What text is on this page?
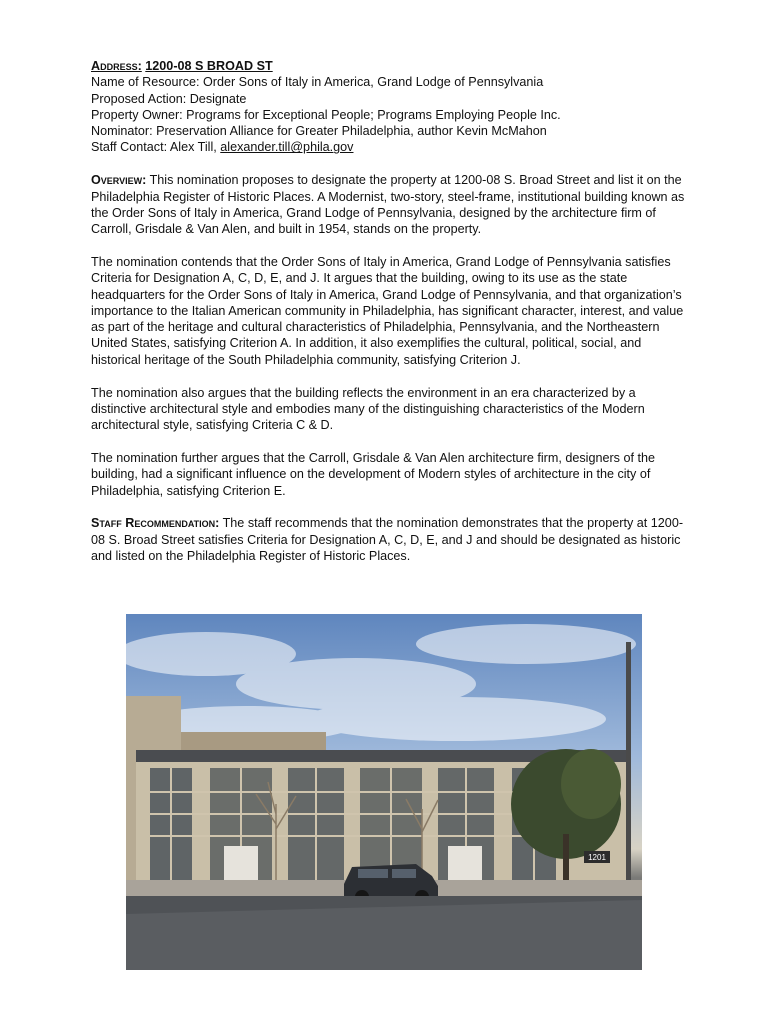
Address: 1200-08 S BROAD ST

Name of Resource: Order Sons of Italy in America, Grand Lodge of Pennsylvania

Proposed Action: Designate

Property Owner: Programs for Exceptional People; Programs Employing People Inc.

Nominator: Preservation Alliance for Greater Philadelphia, author Kevin McMahon

Staff Contact: Alex Till, alexander.till@phila.gov

Overview: This nomination proposes to designate the property at 1200-08 S. Broad Street and list it on the Philadelphia Register of Historic Places. A Modernist, two-story, steel-frame, institutional building known as the Order Sons of Italy in America, Grand Lodge of Pennsylvania, designed by the architecture firm of Carroll, Grisdale & Van Alen, and built in 1954, stands on the property.

The nomination contends that the Order Sons of Italy in America, Grand Lodge of Pennsylvania satisfies Criteria for Designation A, C, D, E, and J. It argues that the building, owing to its use as the state headquarters for the Order Sons of Italy in America, Grand Lodge of Pennsylvania, and that organization’s importance to the Italian American community in Philadelphia, has significant character, interest, and value as part of the heritage and cultural characteristics of Philadelphia, Pennsylvania, and the Northeastern United States, satisfying Criterion A. In addition, it also exemplifies the cultural, political, social, and historical heritage of the South Philadelphia community, satisfying Criterion J.

The nomination also argues that the building reflects the environment in an era characterized by a distinctive architectural style and embodies many of the distinguishing characteristics of the Modern architectural style, satisfying Criteria C & D.

The nomination further argues that the Carroll, Grisdale & Van Alen architecture firm, designers of the building, had a significant influence on the development of Modern styles of architecture in the city of Philadelphia, satisfying Criterion E.

Staff Recommendation: The staff recommends that the nomination demonstrates that the property at 1200-08 S. Broad Street satisfies Criteria for Designation A, C, D, E, and J and should be designated as historic and listed on the Philadelphia Register of Historic Places.

1201
